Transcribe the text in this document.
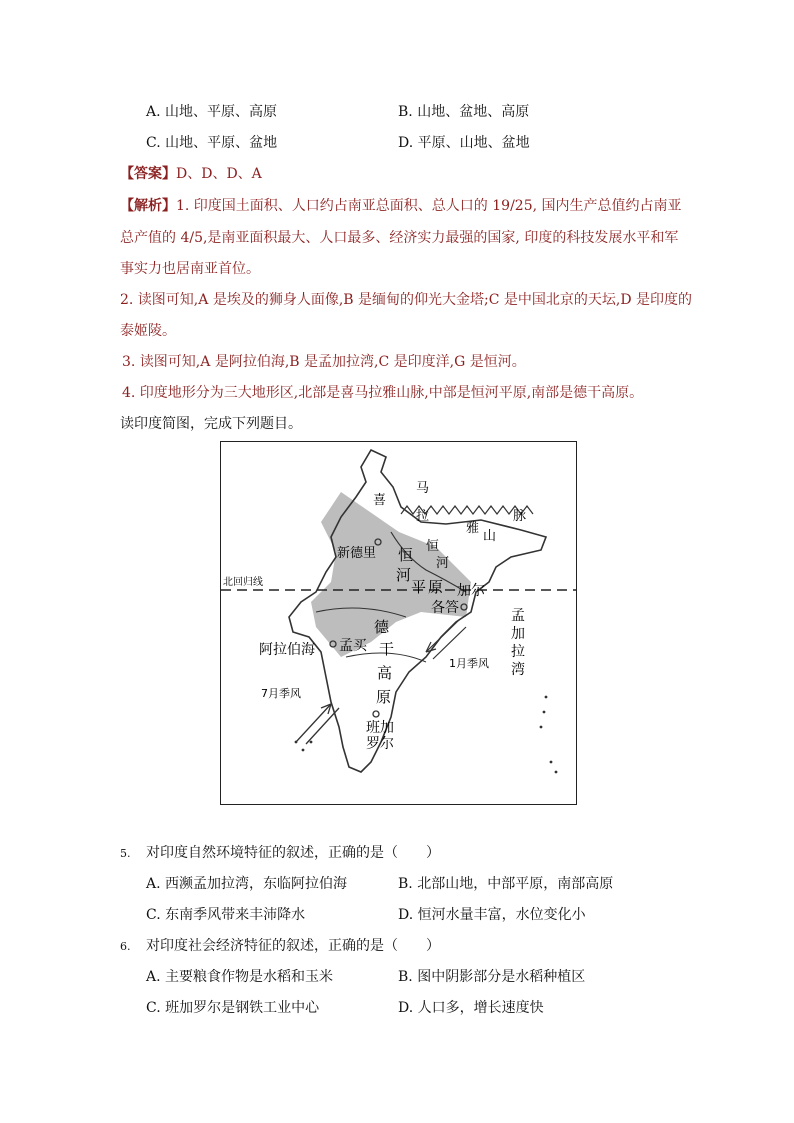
A. 山地、平原、高原	B. 山地、盆地、高原
C. 山地、平原、盆地	D. 平原、山地、盆地
【答案】D、D、D、A
【解析】1. 印度国土面积、人口约占南亚总面积、总人口的 19/25, 国内生产总值约占南亚
总产值的 4/5,是南亚面积最大、人口最多、经济实力最强的国家, 印度的科技发展水平和军
事实力也居南亚首位。
2. 读图可知,A 是埃及的狮身人面像,B 是缅甸的仰光大金塔;C 是中国北京的天坛,D 是印度的
泰姬陵。
3. 读图可知,A 是阿拉伯海,B 是孟加拉湾,C 是印度洋,G 是恒河。
4. 印度地形分为三大地形区,北部是喜马拉雅山脉,中部是恒河平原,南部是德干高原。
读印度简图，完成下列题目。
喜
马
拉
雅
山
脉
新德里 恒
河
平 原
恒
河
北回归线
加尔
各答	孟
加
拉
湾
德
干
高
原
孟买
阿拉伯海
1月季风
7月季风
班加
罗尔
5. 对印度自然环境特征的叙述，正确的是（　　）
A. 西濒孟加拉湾，东临阿拉伯海	B. 北部山地，中部平原，南部高原
C. 东南季风带来丰沛降水	D. 恒河水量丰富，水位变化小
6. 对印度社会经济特征的叙述，正确的是（　　）
A. 主要粮食作物是水稻和玉米	B. 图中阴影部分是水稻种植区
C. 班加罗尔是钢铁工业中心	D. 人口多，增长速度快
